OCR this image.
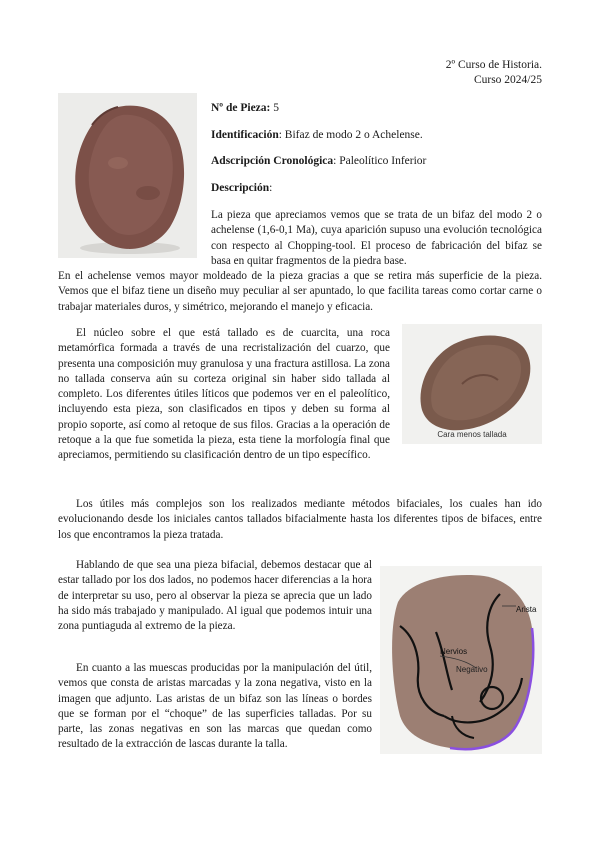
2º Curso de Historia.
Curso 2024/25
Nº de Pieza: 5
Identificación: Bifaz de modo 2 o Achelense.
Adscripción Cronológica: Paleolítico Inferior
Descripción:

La pieza que apreciamos vemos que se trata de un bifaz del modo 2 o achelense (1,6-0,1 Ma), cuya aparición supuso una evolución tecnológica con respecto al Chopping-tool. El proceso de fabricación del bifaz se basa en quitar fragmentos de la piedra base.

En el achelense vemos mayor moldeado de la pieza gracias a que se retira más superficie de la pieza. Vemos que el bifaz tiene un diseño muy peculiar al ser apuntado, lo que facilita tareas como cortar carne o trabajar materiales duros, y simétrico, mejorando el manejo y eficacia.

El núcleo sobre el que está tallado es de cuarcita, una roca metamórfica formada a través de una recristalización del cuarzo, que presenta una composición muy granulosa y una fractura astillosa. La zona no tallada conserva aún su corteza original sin haber sido tallada al completo. Los diferentes útiles líticos que podemos ver en el paleolítico, incluyendo esta pieza, son clasificados en tipos y deben su forma al propio soporte, así como al retoque de sus filos. Gracias a la operación de retoque a la que fue sometida la pieza, esta tiene la morfología final que apreciamos, permitiendo su clasificación dentro de un tipo específico.

Cara menos tallada

Los útiles más complejos son los realizados mediante métodos bifaciales, los cuales han ido evolucionando desde los iniciales cantos tallados bifacialmente hasta los diferentes tipos de bifaces, entre los que encontramos la pieza tratada.

Hablando de que sea una pieza bifacial, debemos destacar que al estar tallado por los dos lados, no podemos hacer diferencias a la hora de interpretar su uso, pero al observar la pieza se aprecia que un lado ha sido más trabajado y manipulado. Al igual que podemos intuir una zona puntiaguda al extremo de la pieza.

En cuanto a las muescas producidas por la manipulación del útil, vemos que consta de aristas marcadas y la zona negativa, visto en la imagen que adjunto. Las aristas de un bifaz son las líneas o bordes que se forman por el “choque” de las superficies talladas. Por su parte, las zonas negativas en son las marcas que quedan como resultado de la extracción de lascas durante la talla.

Arista
Nervios
Negativo
